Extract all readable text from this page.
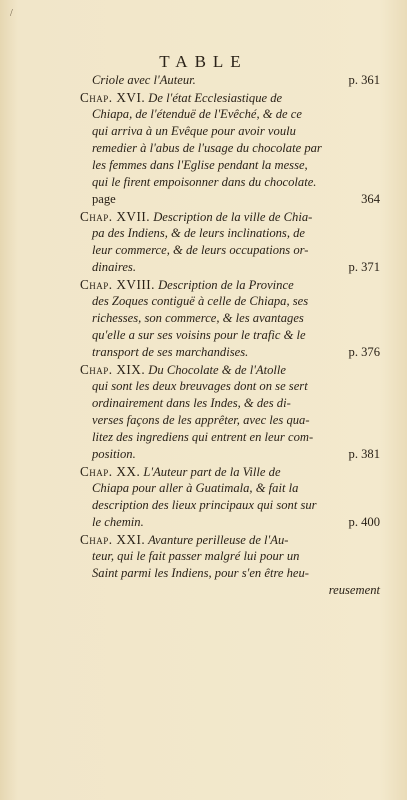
/
TABLE
Criole avec l'Auteur.	p. 361
Chap. XVI. De l'état Ecclesiastique de
Chiapa, de l'étenduë de l'Evêché, & de ce
qui arriva à un Evêque pour avoir voulu
remedier à l'abus de l'usage du chocolate par
les femmes dans l'Eglise pendant la messe,
qui le firent empoisonner dans du chocolate.
page	364
Chap. XVII. Description de la ville de Chia-
pa des Indiens, & de leurs inclinations, de
leur commerce, & de leurs occupations or-
dinaires.	p. 371
Chap. XVIII. Description de la Province
des Zoques contiguë à celle de Chiapa, ses
richesses, son commerce, & les avantages
qu'elle a sur ses voisins pour le trafic & le
transport de ses marchandises.	p. 376
Chap. XIX. Du Chocolate & de l'Atolle
qui sont les deux breuvages dont on se sert
ordinairement dans les Indes, & des di-
verses façons de les apprêter, avec les qua-
litez des ingrediens qui entrent en leur com-
position.	p. 381
Chap. XX. L'Auteur part de la Ville de
Chiapa pour aller à Guatimala, & fait la
description des lieux principaux qui sont sur
le chemin.	p. 400
Chap. XXI. Avanture perilleuse de l'Au-
teur, qui le fait passer malgré lui pour un
Saint parmi les Indiens, pour s'en être heu-
reusement
